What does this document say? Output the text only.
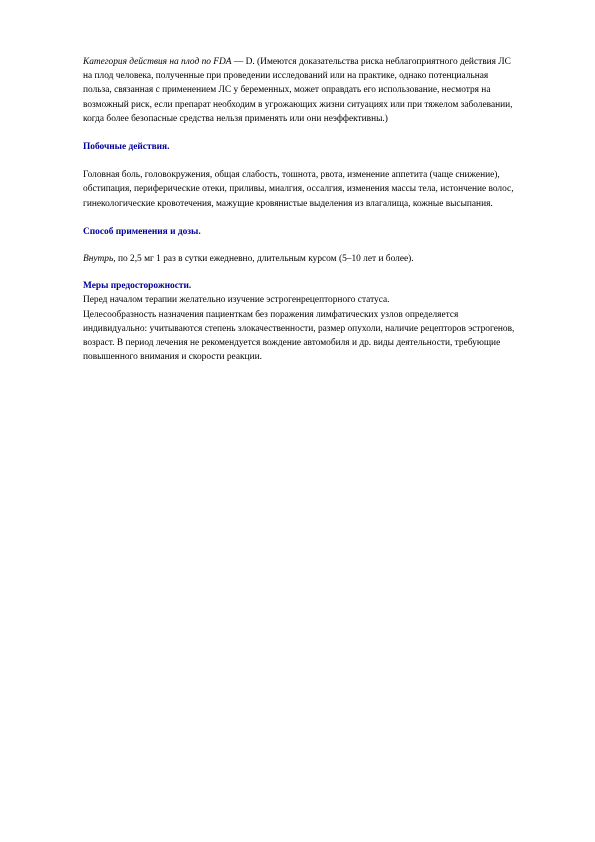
Категория действия на плод по FDA — D. (Имеются доказательства риска неблагоприятного действия ЛС на плод человека, полученные при проведении исследований или на практике, однако потенциальная польза, связанная с применением ЛС у беременных, может оправдать его использование, несмотря на возможный риск, если препарат необходим в угрожающих жизни ситуациях или при тяжелом заболевании, когда более безопасные средства нельзя применять или они неэффективны.)

Побочные действия.

Головная боль, головокружения, общая слабость, тошнота, рвота, изменение аппетита (чаще снижение), обстипация, периферические отеки, приливы, миалгия, оссалгия, изменения массы тела, истончение волос, гинекологические кровотечения, мажущие кровянистые выделения из влагалища, кожные высыпания.

Способ применения и дозы.

Внутрь, по 2,5 мг 1 раз в сутки ежедневно, длительным курсом (5–10 лет и более).

Меры предосторожности.

Перед началом терапии желательно изучение эстрогенрецепторного статуса.

Целесообразность назначения пациенткам без поражения лимфатических узлов определяется индивидуально: учитываются степень злокачественности, размер опухоли, наличие рецепторов эстрогенов, возраст. В период лечения не рекомендуется вождение автомобиля и др. виды деятельности, требующие повышенного внимания и скорости реакции.
